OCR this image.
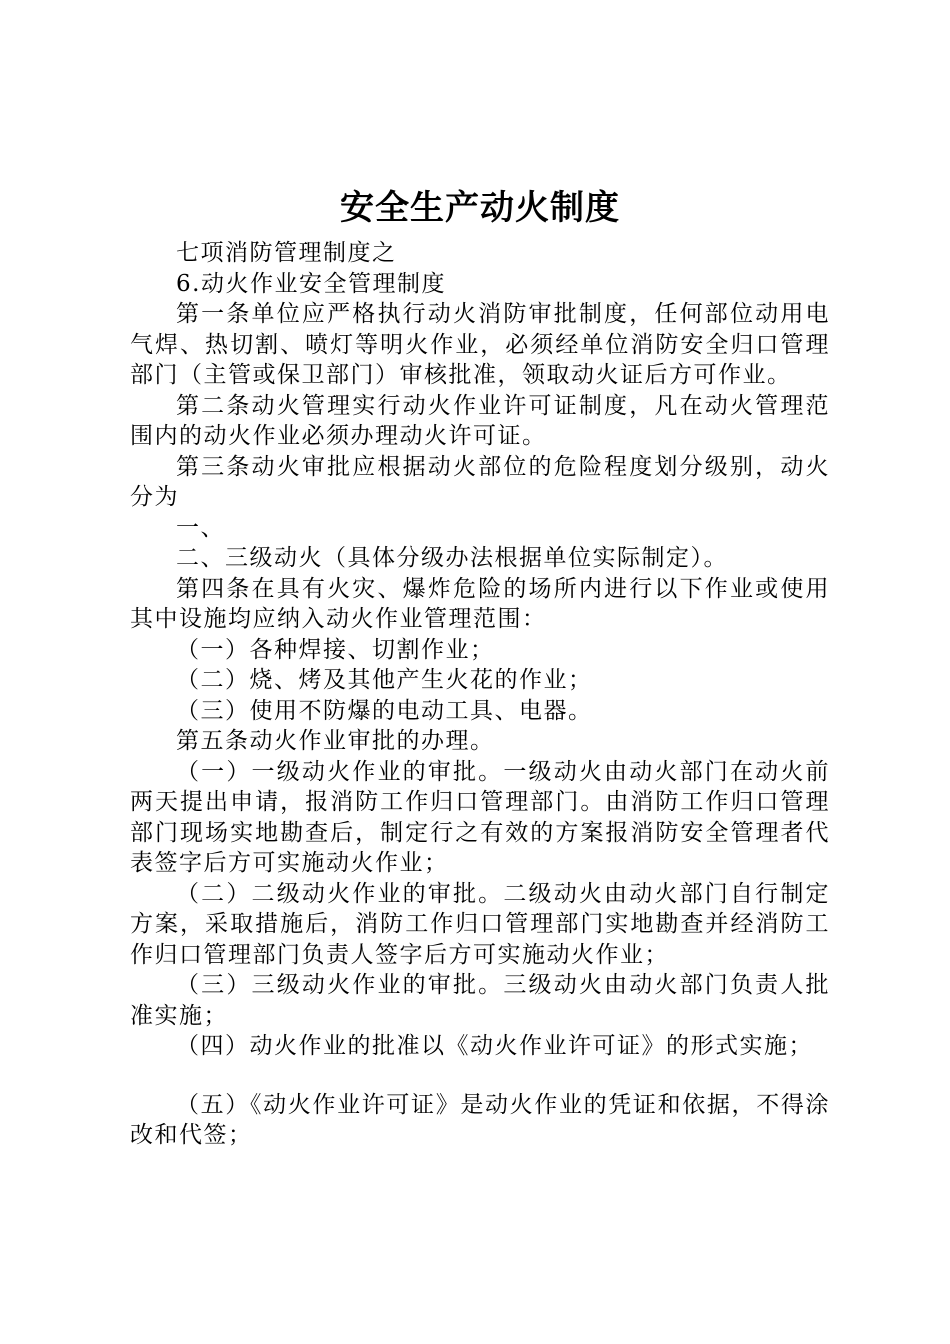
安全生产动火制度

七项消防管理制度之

6.动火作业安全管理制度

第一条单位应严格执行动火消防审批制度，任何部位动用电气焊、热切割、喷灯等明火作业，必须经单位消防安全归口管理部门（主管或保卫部门）审核批准，领取动火证后方可作业。

第二条动火管理实行动火作业许可证制度，凡在动火管理范围内的动火作业必须办理动火许可证。

第三条动火审批应根据动火部位的危险程度划分级别，动火分为

一、

二、三级动火（具体分级办法根据单位实际制定）。

第四条在具有火灾、爆炸危险的场所内进行以下作业或使用其中设施均应纳入动火作业管理范围：

（一）各种焊接、切割作业；

（二）烧、烤及其他产生火花的作业；

（三）使用不防爆的电动工具、电器。

第五条动火作业审批的办理。

（一）一级动火作业的审批。一级动火由动火部门在动火前两天提出申请，报消防工作归口管理部门。由消防工作归口管理部门现场实地勘查后，制定行之有效的方案报消防安全管理者代表签字后方可实施动火作业；

（二）二级动火作业的审批。二级动火由动火部门自行制定方案，采取措施后，消防工作归口管理部门实地勘查并经消防工作归口管理部门负责人签字后方可实施动火作业；

（三）三级动火作业的审批。三级动火由动火部门负责人批准实施；

（四）动火作业的批准以《动火作业许可证》的形式实施；

（五）《动火作业许可证》是动火作业的凭证和依据，不得涂改和代签；
